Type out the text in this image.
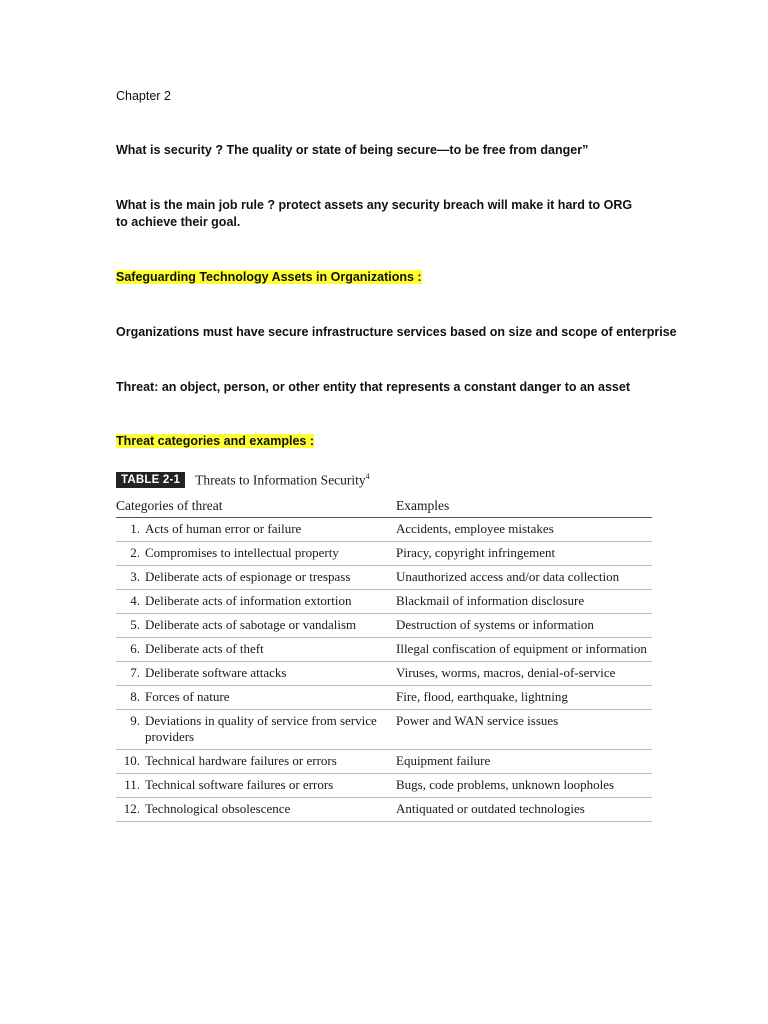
Chapter 2
What is security ? The quality or state of being secure—to be free from danger”
What is the main job rule ? protect assets any security breach will make it hard to ORG to achieve their goal.
Safeguarding Technology Assets in Organizations :
Organizations must have secure infrastructure services based on size and scope of enterprise
Threat: an object, person, or other entity that represents a constant danger to an asset
Threat categories and examples :
TABLE 2-1	Threats to Information Security$^4$
Categories of threat	Examples

1. Acts of human error or failure	Accidents, employee mistakes

2. Compromises to intellectual property	Piracy, copyright infringement

3. Deliberate acts of espionage or trespass	Unauthorized access and/or data collection

4. Deliberate acts of information extortion	Blackmail of information disclosure

5. Deliberate acts of sabotage or vandalism	Destruction of systems or information

6. Deliberate acts of theft	Illegal confiscation of equipment or information

7. Deliberate software attacks	Viruses, worms, macros, denial-of-service

8. Forces of nature	Fire, flood, earthquake, lightning

9. Deviations in quality of service from service providers	Power and WAN service issues

10. Technical hardware failures or errors	Equipment failure

11. Technical software failures or errors	Bugs, code problems, unknown loopholes

12. Technological obsolescence	Antiquated or outdated technologies
